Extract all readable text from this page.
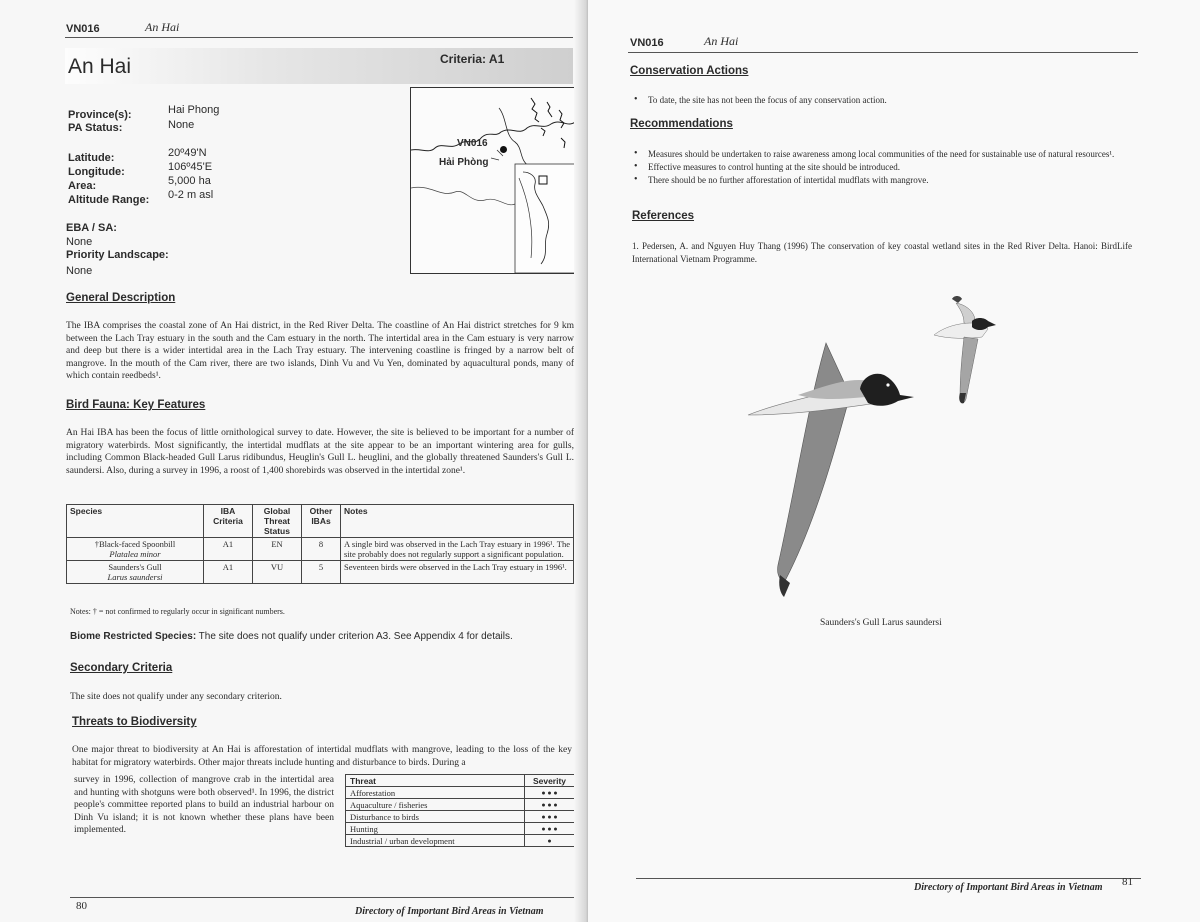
VN016	An Hai
An Hai	Criteria: A1
Province(s):	Hai Phong
PA Status:	None
Latitude:	20º49'N
Longitude:	106º45'E
Area:	5,000 ha
Altitude Range: 0-2 m asl
EBA / SA:
None
Priority Landscape:
None
VN016
Hải Phòng
General Description
The IBA comprises the coastal zone of An Hai district, in the Red River Delta. The coastline of An Hai district stretches for 9 km between the Lach Tray estuary in the south and the Cam estuary in the north. The intertidal area in the Cam estuary is very narrow and deep but there is a wider intertidal area in the Lach Tray estuary. The intervening coastline is fringed by a narrow belt of mangrove. In the mouth of the Cam river, there are two islands, Dinh Vu and Vu Yen, dominated by aquacultural ponds, many of which contain reedbeds¹.
Bird Fauna: Key Features
An Hai IBA has been the focus of little ornithological survey to date. However, the site is believed to be important for a number of migratory waterbirds. Most significantly, the intertidal mudflats at the site appear to be an important wintering area for gulls, including Common Black-headed Gull Larus ridibundus, Heuglin's Gull L. heuglini, and the globally threatened Saunders's Gull L. saundersi. Also, during a survey in 1996, a roost of 1,400 shorebirds was observed in the intertidal zone¹.
Species	IBA Criteria	Global Threat Status	Other IBAs	Notes

†Black-faced Spoonbill
Platalea minor	A1	EN	8	A single bird was observed in the Lach Tray estuary in 1996¹. The site probably does not regularly support a significant population.

Saunders's Gull
Larus saundersi	A1	VU	5	Seventeen birds were observed in the Lach Tray estuary in 1996¹.
Notes: † = not confirmed to regularly occur in significant numbers.
Biome Restricted Species: The site does not qualify under criterion A3. See Appendix 4 for details.
Secondary Criteria
The site does not qualify under any secondary criterion.
Threats to Biodiversity
One major threat to biodiversity at An Hai is afforestation of intertidal mudflats with mangrove, leading to the loss of the key habitat for migratory waterbirds. Other major threats include hunting and disturbance to birds. During a
survey in 1996, collection of mangrove crab in the intertidal area and hunting with shotguns were both observed¹. In 1996, the district people's committee reported plans to build an industrial harbour on Dinh Vu island; it is not known whether these plans have been implemented.
Threat	Severity
Afforestation	● ● ●
Aquaculture / fisheries	● ● ●
Disturbance to birds	● ● ●
Hunting	● ● ●
Industrial / urban development	●
80	Directory of Important Bird Areas in Vietnam
VN016	An Hai
Conservation Actions
• To date, the site has not been the focus of any conservation action.
Recommendations
• Measures should be undertaken to raise awareness among local communities of the need for sustainable use of natural resources¹.
• Effective measures to control hunting at the site should be introduced.
• There should be no further afforestation of intertidal mudflats with mangrove.
References
1. Pedersen, A. and Nguyen Huy Thang (1996) The conservation of key coastal wetland sites in the Red River Delta. Hanoi: BirdLife International Vietnam Programme.
Saunders's Gull Larus saundersi
Directory of Important Bird Areas in Vietnam 81
